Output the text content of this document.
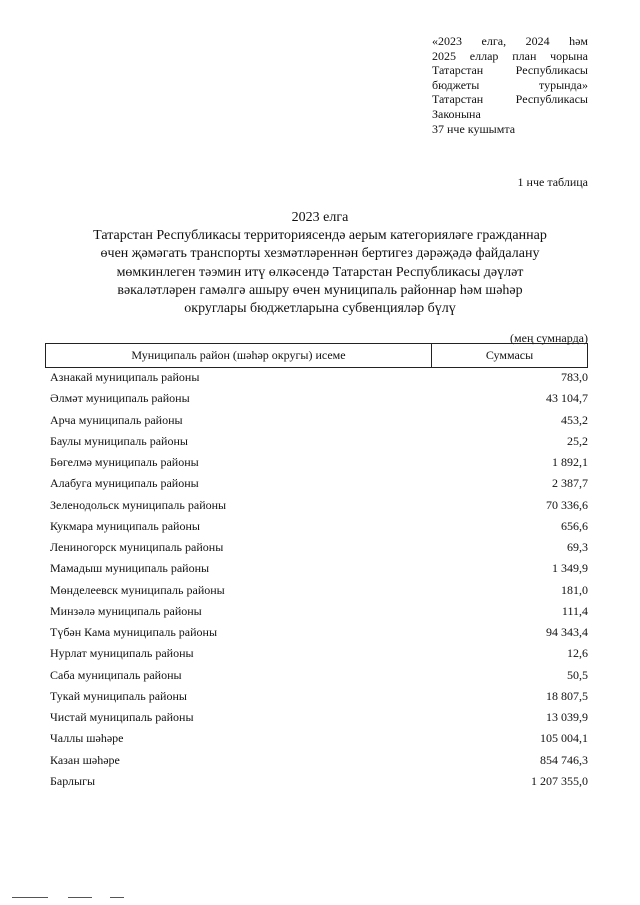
«2023 елга, 2024 һәм
2025 еллар план чорына
Татарстан Республикасы
бюджеты турында»
Татарстан Республикасы
Законына
37 нче кушымта
1 нче таблица
2023 елга
Татарстан Республикасы территориясендә аерым категорияләге гражданнар
өчен җәмәгать транспорты хезмәтләреннән бертигез дәрәҗәдә файдалану
мөмкинлеген тәэмин итү өлкәсендә Татарстан Республикасы дәүләт
вәкаләтләрен гамәлгә ашыру өчен муниципаль районнар һәм шәһәр
округлары бюджетларына субвенцияләр бүлү
(мең сумнарда)
Муниципаль район (шәһәр округы) исеме	Суммасы
Азнакай муниципаль районы	783,0
Әлмәт муниципаль районы	43 104,7
Арча муниципаль районы	453,2
Баулы муниципаль районы	25,2
Бөгелмә муниципаль районы	1 892,1
Алабуга муниципаль районы	2 387,7
Зеленодольск муниципаль районы	70 336,6
Кукмара муниципаль районы	656,6
Лениногорск муниципаль районы	69,3
Мамадыш муниципаль районы	1 349,9
Мөнделеевск муниципаль районы	181,0
Минзәлә муниципаль районы	111,4
Түбән Кама муниципаль районы	94 343,4
Нурлат муниципаль районы	12,6
Саба муниципаль районы	50,5
Тукай муниципаль районы	18 807,5
Чистай муниципаль районы	13 039,9
Чаллы шәһәре	105 004,1
Казан шәһәре	854 746,3
Барлыгы	1 207 355,0
